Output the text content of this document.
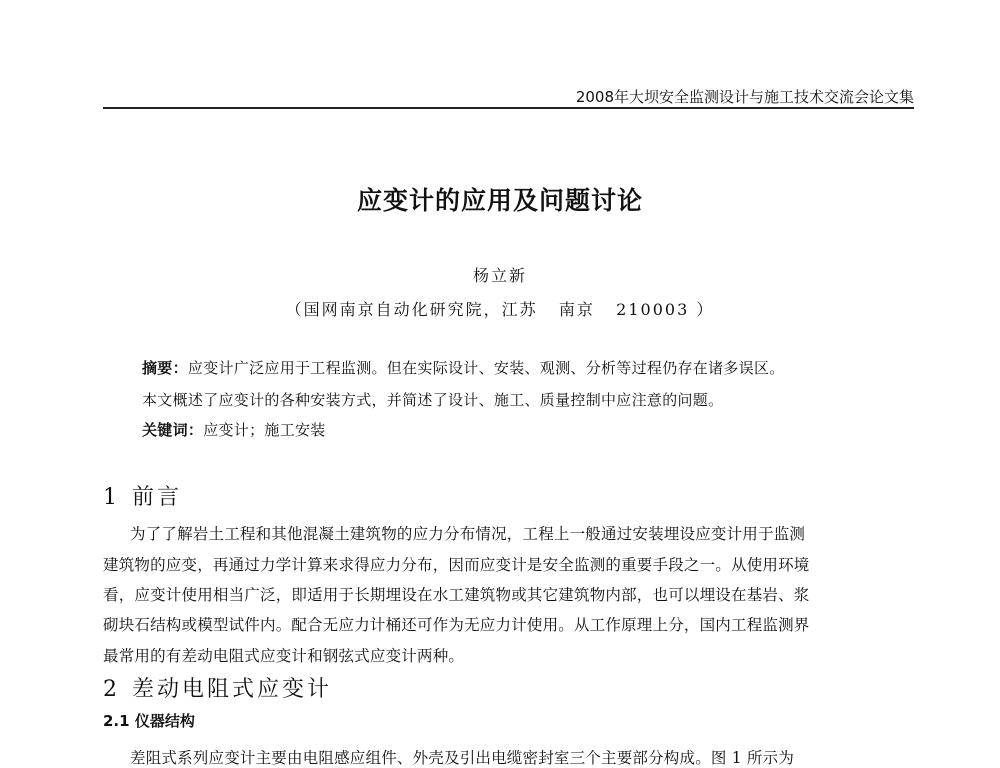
2008年大坝安全监测设计与施工技术交流会论文集
应变计的应用及问题讨论
杨立新
（国网南京自动化研究院，江苏   南京   210003 ）
摘要：应变计广泛应用于工程监测。但在实际设计、安装、观测、分析等过程仍存在诸多误区。
本文概述了应变计的各种安装方式，并简述了设计、施工、质量控制中应注意的问题。
关键词：应变计；施工安装
1 前言
为了了解岩土工程和其他混凝土建筑物的应力分布情况，工程上一般通过安装埋设应变计用于监测
建筑物的应变，再通过力学计算来求得应力分布，因而应变计是安全监测的重要手段之一。从使用环境
看，应变计使用相当广泛，即适用于长期埋设在水工建筑物或其它建筑物内部，也可以埋设在基岩、浆
砌块石结构或模型试件内。配合无应力计桶还可作为无应力计使用。从工作原理上分，国内工程监测界
最常用的有差动电阻式应变计和钢弦式应变计两种。
2 差动电阻式应变计
2.1 仪器结构
差阻式系列应变计主要由电阻感应组件、外壳及引出电缆密封室三个主要部分构成。图 1 所示为
